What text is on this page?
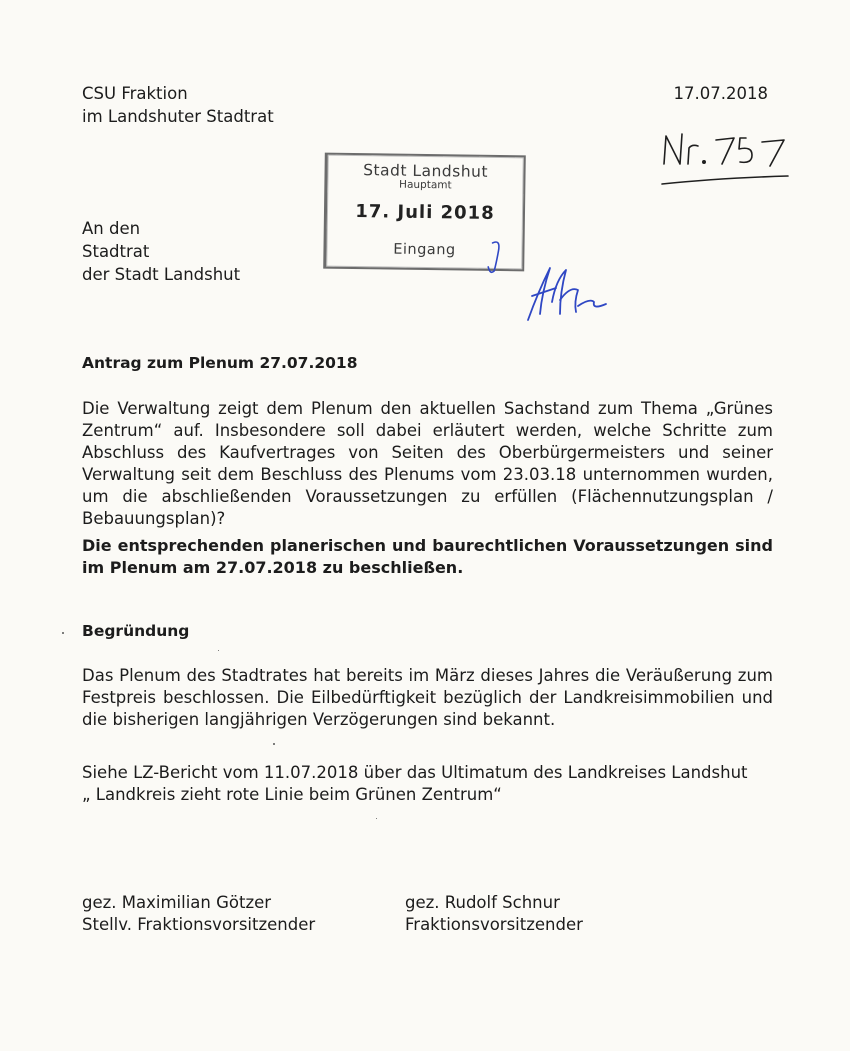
CSU Fraktion
im Landshuter Stadtrat
17.07.2018
An den
Stadtrat
der Stadt Landshut
Stadt Landshut
Hauptamt
17. Juli 2018
Eingang
Antrag zum Plenum 27.07.2018
Die Verwaltung zeigt dem Plenum den aktuellen Sachstand zum Thema „Grünes Zentrum“ auf. Insbesondere soll dabei erläutert werden, welche Schritte zum Abschluss des Kaufvertrages von Seiten des Oberbürgermeisters und seiner Verwaltung seit dem Beschluss des Plenums vom 23.03.18 unternommen wurden, um die abschließenden Voraussetzungen zu erfüllen (Flächennutzungsplan / Bebauungsplan)?
Die entsprechenden planerischen und baurechtlichen Voraussetzungen sind im Plenum am 27.07.2018 zu beschließen.
Begründung
Das Plenum des Stadtrates hat bereits im März dieses Jahres die Veräußerung zum Festpreis beschlossen. Die Eilbedürftigkeit bezüglich der Landkreisimmobilien und die bisherigen langjährigen Verzögerungen sind bekannt.
Siehe LZ-Bericht vom 11.07.2018 über das Ultimatum des Landkreises Landshut
„ Landkreis zieht rote Linie beim Grünen Zentrum“
gez. Maximilian Götzer
Stellv. Fraktionsvorsitzender
gez. Rudolf Schnur
Fraktionsvorsitzender
